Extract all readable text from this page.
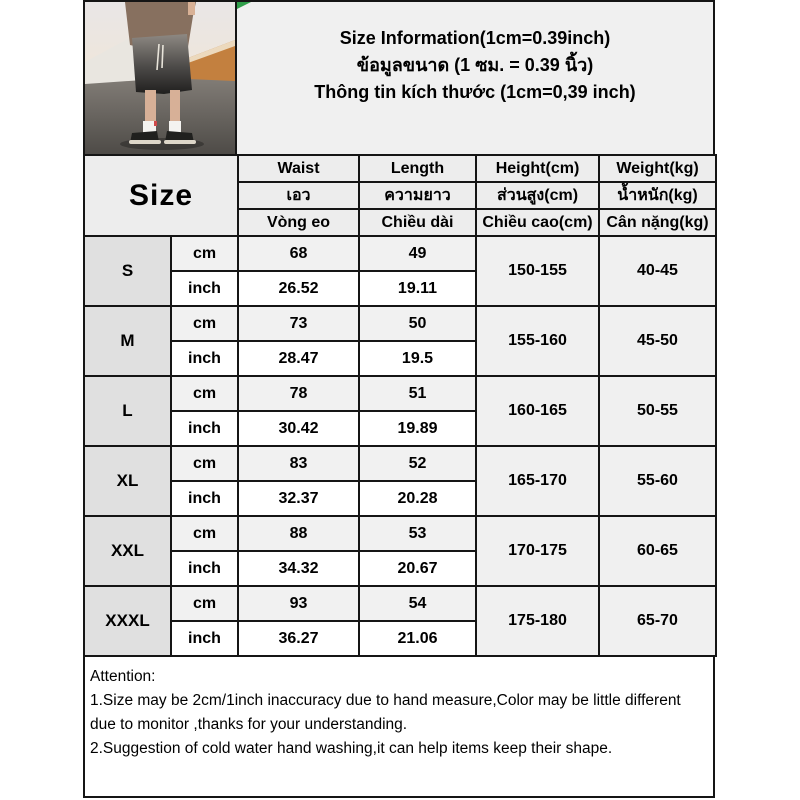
Size Information(1cm=0.39inch)
ข้อมูลขนาด (1 ซม. = 0.39 นิ้ว)
Thông tin kích thước (1cm=0,39 inch)
Size		Waist	Length	Height(cm)	Weight(kg)
		เอว	ความยาว	ส่วนสูง(cm)	น้ำหนัก(kg)
		Vòng eo	Chiều dài	Chiều cao(cm)	Cân nặng(kg)
S	cm	68	49	150-155	40-45
	inch	26.52	19.11		
M	cm	73	50	155-160	45-50
	inch	28.47	19.5		
L	cm	78	51	160-165	50-55
	inch	30.42	19.89		
XL	cm	83	52	165-170	55-60
	inch	32.37	20.28		
XXL	cm	88	53	170-175	60-65
	inch	34.32	20.67		
XXXL	cm	93	54	175-180	65-70
	inch	36.27	21.06		
Attention:
1.Size may be 2cm/1inch inaccuracy due to hand measure,Color may be little different due to monitor ,thanks for your understanding.
2.Suggestion of cold water hand washing,it can help items keep their shape.
